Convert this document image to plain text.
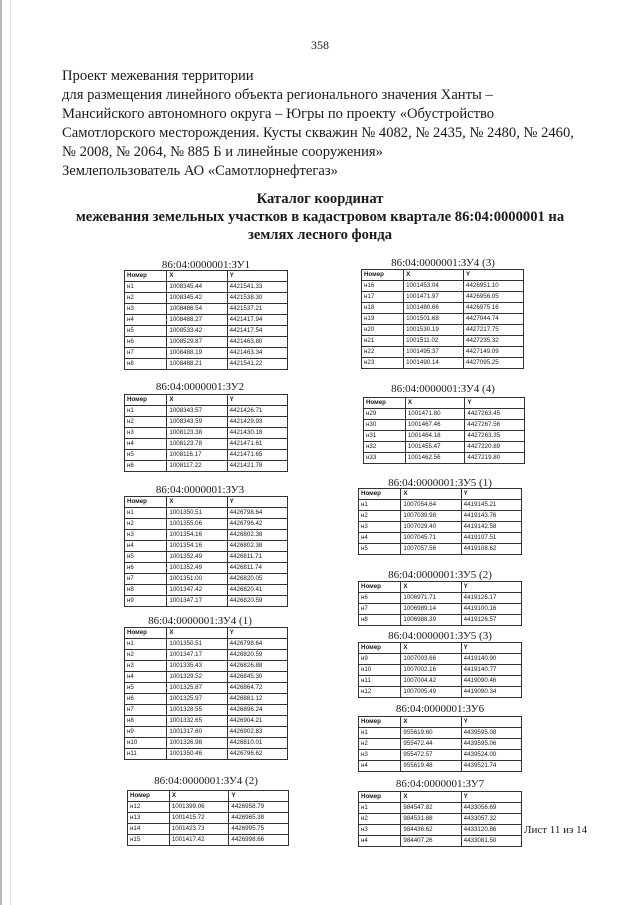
358
Проект межевания территории
для размещения линейного объекта регионального значения Ханты –
Мансийского автономного округа – Югры по проекту «Обустройство
Самотлорского месторождения. Кусты скважин № 4082, № 2435, № 2480, № 2460,
№ 2008, № 2064, № 885 Б и линейные сооружения»
Землепользователь АО «Самотлорнефтегаз»
Каталог координат
межевания земельных участков в кадастровом квартале 86:04:0000001 на
землях лесного фонда
86:04:0000001:ЗУ1
Номер	X	Y
н1	1008345.44	4421541.33
н2	1008345.42	4421538.30
н3	1008486.54	4421537.21
н4	1008488.27	4421417.94
н5	1008533.42	4421417.54
н6	1008529.87	4421463.80
н7	1008488.19	4421463.34
н8	1008488.21	4421541.22
86:04:0000001:ЗУ2
Номер	X	Y
н1	1008343.57	4421426.71
н2	1008343.59	4421429.93
н3	1008123.38	4421430.18
н4	1008123.78	4421471.61
н5	1008116.17	4421471.65
н6	1008117.22	4421421.78
86:04:0000001:ЗУ3
Номер	X	Y
н1	1001350.51	4426798.64
н2	1001355.06	4426796.42
н3	1001354.16	4426802.38
н4	1001354.16	4426802.38
н5	1001352.49	4426811.71
н6	1001352.49	4426811.74
н7	1001351.00	4426820.05
н8	1001347.42	4426820.41
н9	1001347.17	4426820.59
86:04:0000001:ЗУ4 (1)
Номер	X	Y
н1	1001350.51	4426798.64
н2	1001347.17	4426820.59
н3	1001335.43	4426826.88
н4	1001329.52	4426845.30
н5	1001325.87	4426864.72
н6	1001325.97	4426881.12
н7	1001328.55	4426896.24
н8	1001332.65	4426904.21
н9	1001317.60	4426902.83
н10	1001326.98	4426810.01
н11	1001350.46	4426796.62
86:04:0000001:ЗУ4 (2)
Номер	X	Y
н12	1001399.06	4426958.79
н13	1001415.72	4426965.38
н14	1001423.73	4426995.75
н15	1001417.42	4426998.66
86:04:0000001:ЗУ4 (3)
Номер	X	Y
н16	1001453.04	4426951.10
н17	1001471.97	4426956.05
н18	1001480.66	4426975.16
н19	1001501.68	4427044.74
н20	1001530.19	4427217.75
н21	1001511.02	4427235.32
н22	1001495.37	4427149.09
н23	1001490.14	4427095.25
86:04:0000001:ЗУ4 (4)
Номер	X	Y
н29	1001471.80	4427263.45
н30	1001467.46	4427267.56
н31	1001464.18	4427263.35
н32	1001455.47	4427220.89
н33	1001462.56	4427219.80
86:04:0000001:ЗУ5 (1)
Номер	X	Y
н1	1007054.64	4419145.21
н2	1007039.98	4419143.76
н3	1007029.40	4419142.58
н4	1007045.71	4419107.51
н5	1007057.56	4419108.62
86:04:0000001:ЗУ5 (2)
Номер	X	Y
н6	1006971.71	4419125.17
н7	1006989.14	4419100.16
н8	1006988.39	4419126.57
86:04:0000001:ЗУ5 (3)
Номер	X	Y
н9	1007003.66	4419140.90
н10	1007002.16	4419140.77
н11	1007004.42	4419090.46
н12	1007005.49	4419090.34
86:04:0000001:ЗУ6
Номер	X	Y
н1	955619.60	4439595.08
н2	955472.44	4439595.06
н3	955472.57	4439524.00
н4	955619.48	4439521.74
86:04:0000001:ЗУ7
Номер	X	Y
н1	984547.82	4433056.69
н2	984531.88	4433057.32
н3	984436.62	4433120.86
н4	984407.26	4433081.50
Лист 11 из 14
